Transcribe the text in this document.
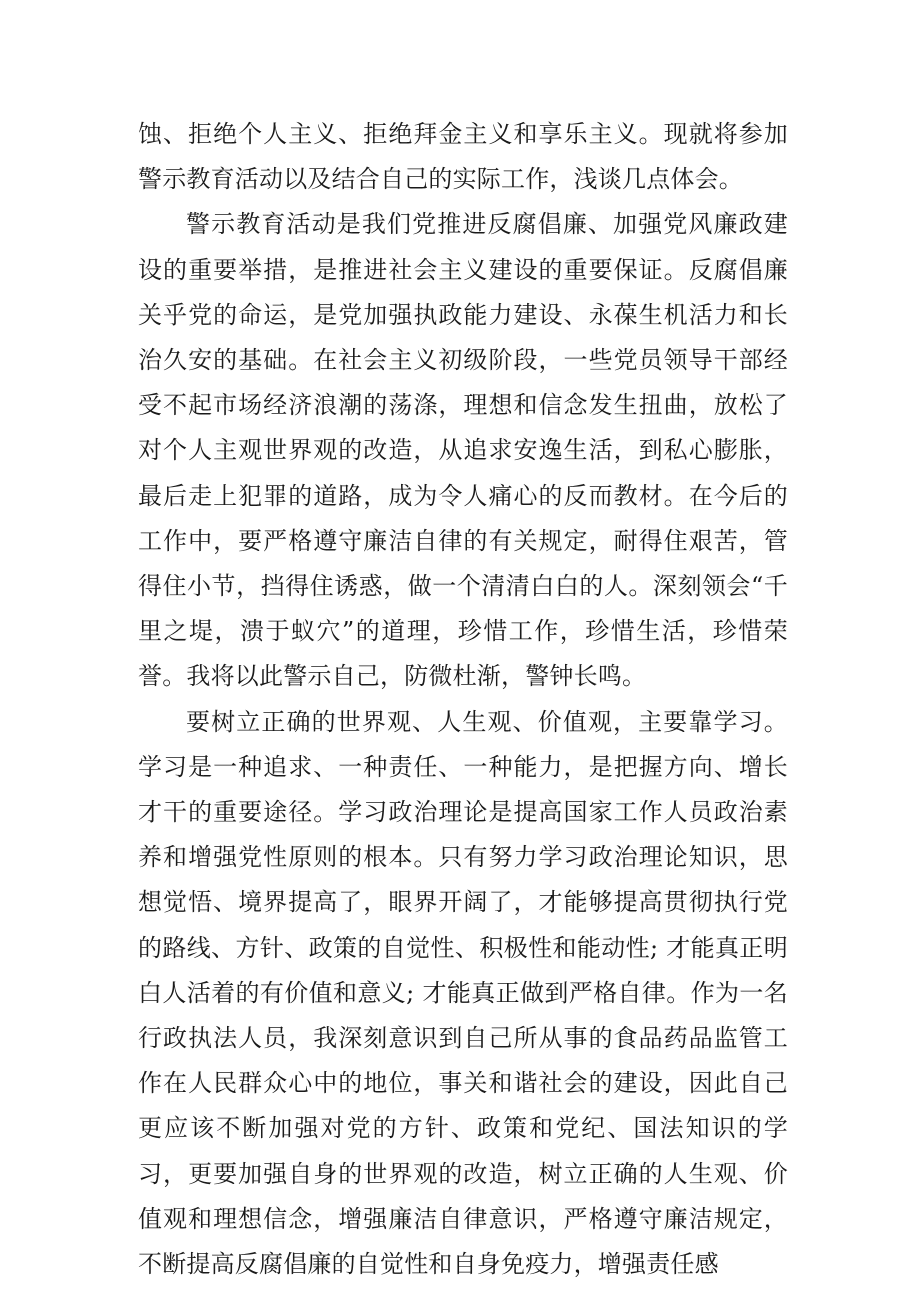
蚀、拒绝个人主义、拒绝拜金主义和享乐主义。现就将参加警示教育活动以及结合自己的实际工作，浅谈几点体会。

警示教育活动是我们党推进反腐倡廉、加强党风廉政建设的重要举措，是推进社会主义建设的重要保证。反腐倡廉关乎党的命运，是党加强执政能力建设、永葆生机活力和长治久安的基础。在社会主义初级阶段，一些党员领导干部经受不起市场经济浪潮的荡涤，理想和信念发生扭曲，放松了对个人主观世界观的改造，从追求安逸生活，到私心膨胀，最后走上犯罪的道路，成为令人痛心的反而教材。在今后的工作中，要严格遵守廉洁自律的有关规定，耐得住艰苦，管得住小节，挡得住诱惑，做一个清清白白的人。深刻领会“千里之堤，溃于蚁穴”的道理，珍惜工作，珍惜生活，珍惜荣誉。我将以此警示自己，防微杜渐，警钟长鸣。

要树立正确的世界观、人生观、价值观，主要靠学习。学习是一种追求、一种责任、一种能力，是把握方向、增长才干的重要途径。学习政治理论是提高国家工作人员政治素养和增强党性原则的根本。只有努力学习政治理论知识，思想觉悟、境界提高了，眼界开阔了，才能够提高贯彻执行党的路线、方针、政策的自觉性、积极性和能动性; 才能真正明白人活着的有价值和意义; 才能真正做到严格自律。作为一名行政执法人员，我深刻意识到自己所从事的食品药品监管工作在人民群众心中的地位，事关和谐社会的建设，因此自己更应该不断加强对党的方针、政策和党纪、国法知识的学习，更要加强自身的世界观的改造，树立正确的人生观、价值观和理想信念，增强廉洁自律意识，严格遵守廉洁规定，不断提高反腐倡廉的自觉性和自身免疫力，增强责任感
